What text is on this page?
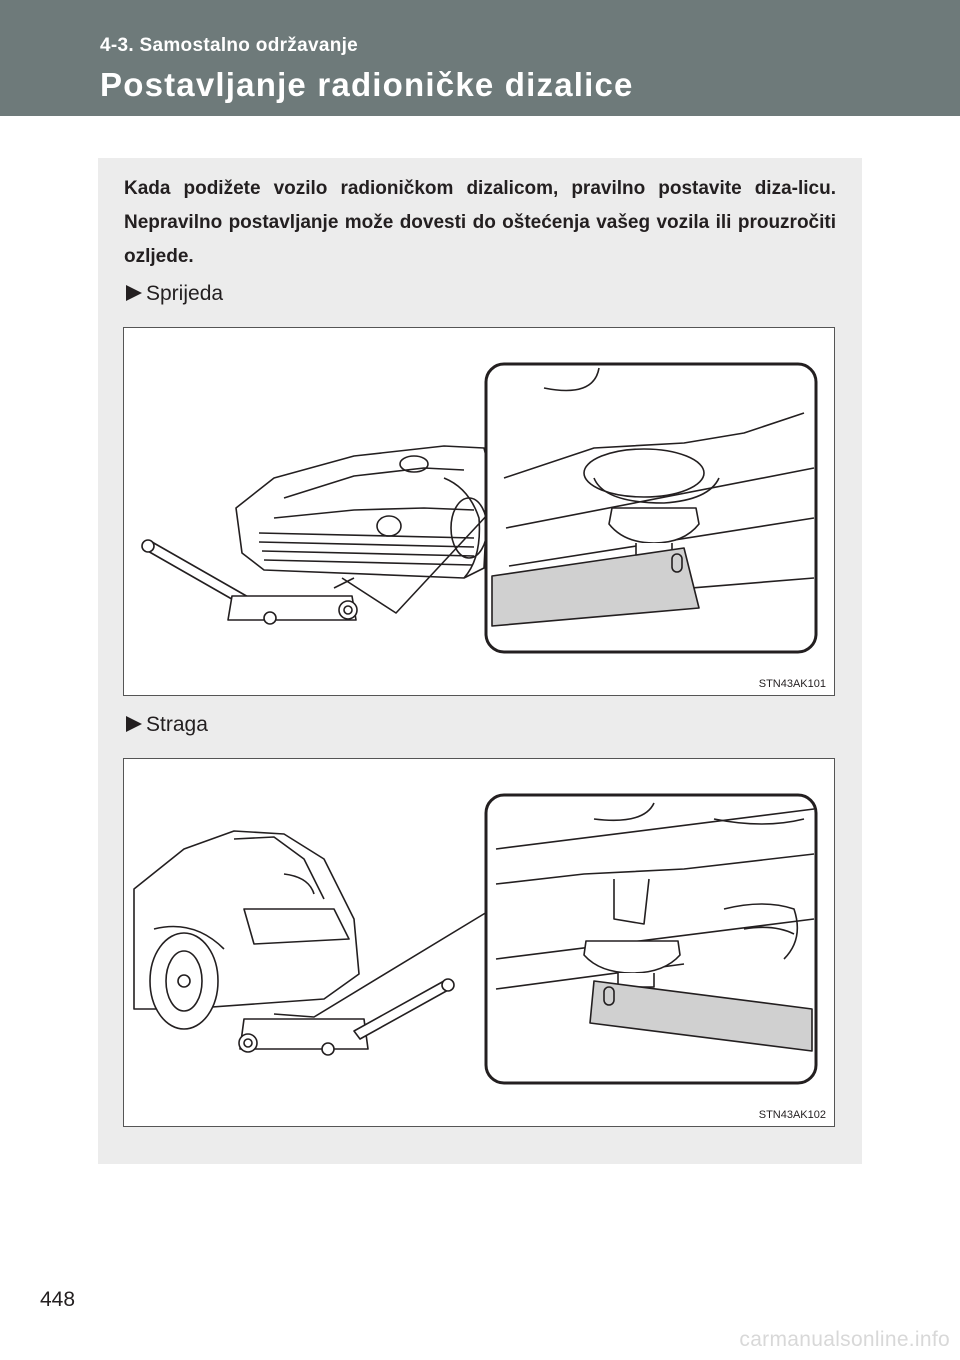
4-3. Samostalno održavanje
Postavljanje radioničke dizalice
Kada podižete vozilo radioničkom dizalicom, pravilno postavite diza-licu. Nepravilno postavljanje može dovesti do oštećenja vašeg vozila ili prouzročiti ozljede.
Sprijeda
STN43AK101
Straga
STN43AK102
448
carmanualsonline.info
